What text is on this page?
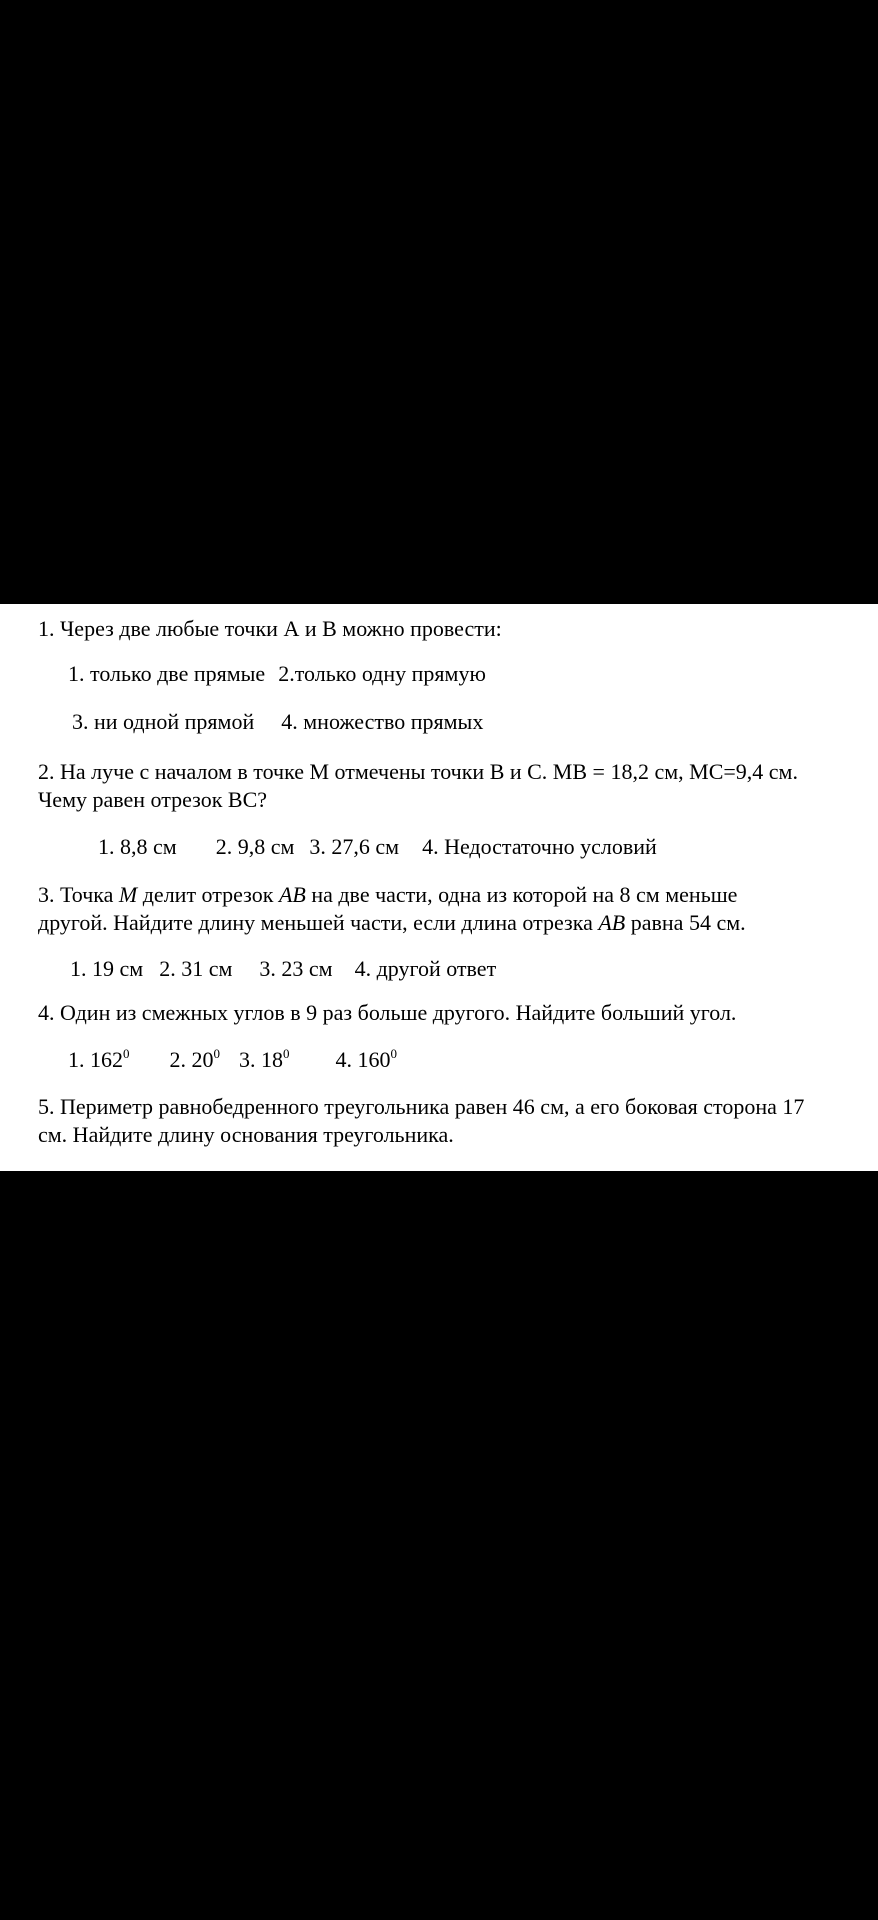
1. Через две любые точки А и В можно провести:
1. только две прямые 2.только одну прямую
3. ни одной прямой 4. множество прямых
2. На луче с началом в точке М отмечены точки В и С. МВ = 18,2 см, МС=9,4 см.
Чему равен отрезок ВС?
1. 8,8 см 2. 9,8 см 3. 27,6 см 4. Недостаточно условий
3. Точка M делит отрезок AB на две части, одна из которой на 8 см меньше
другой. Найдите длину меньшей части, если длина отрезка AB равна 54 см.
1. 19 см 2. 31 см 3. 23 см 4. другой ответ
4. Один из смежных углов в 9 раз больше другого. Найдите больший угол.
1. $162^0$ 2. $20^0$ 3. $18^0$ 4. $160^0$
5. Периметр равнобедренного треугольника равен 46 см, а его боковая сторона 17
см. Найдите длину основания треугольника.
1. 29 см 2. 12 см 3. 14,5 см 4. Недостаточно условий
